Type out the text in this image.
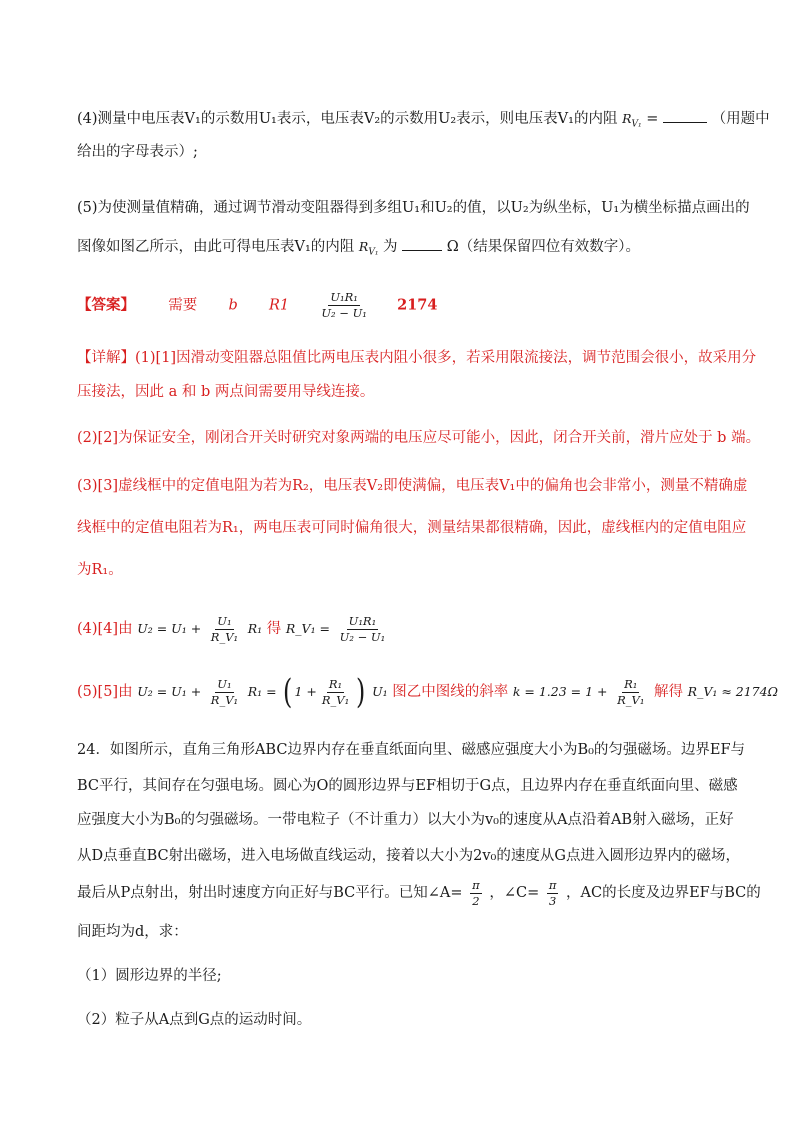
(4)测量中电压表V₁的示数用U₁表示，电压表V₂的示数用U₂表示，则电压表V₁的内阻 $R_{V_1}$ =	（用题中
给出的字母表示）;
(5)为使测量值精确，通过调节滑动变阻器得到多组U₁和U₂的值，以U₂为纵坐标，U₁为横坐标描点画出的
图像如图乙所示，由此可得电压表V₁的内阻 $R_{V_1}$ 为	Ω（结果保留四位有效数字）。
【答案】 需要 b R1	$\frac{\text{U₁R₁}}{\text{U₂ − U₁}} 2174$
【详解】(1)[1]因滑动变阻器总阻值比两电压表内阻小很多，若采用限流接法，调节范围会很小，故采用分
压接法，因此 a 和 b 两点间需要用导线连接。
(2)[2]为保证安全，刚闭合开关时研究对象两端的电压应尽可能小，因此，闭合开关前，滑片应处于 b 端。
(3)[3]虚线框中的定值电阻为若为R₂，电压表V₂即使满偏，电压表V₁中的偏角也会非常小，测量不精确虚
线框中的定值电阻若为R₁，两电压表可同时偏角很大，测量结果都很精确，因此，虚线框内的定值电阻应
为R₁。
(4)[4]由 $U_2 = U_1 + \frac{\text{U₁}}{\text{R\_V₁}} R_1$ 得 R_V₁ = $\frac{\text{U₁R₁}}{\text{U₂ − U₁}}$
(5)[5]由 $U_2 = U_1 + \frac{\text{U₁}}{\text{R\_V₁}} R_1$ = ( $1 + \frac{\text{R₁}}{\text{R\_V₁}}$ ) U₁ 图乙中图线的斜率 $k = 1.23 = 1 + \frac{\text{R₁}}{\text{R\_V₁}}$ 解得 R_V₁ ≈ 2174Ω
24．如图所示，直角三角形ABC边界内存在垂直纸面向里、磁感应强度大小为B₀的匀强磁场。边界EF与
BC平行，其间存在匀强电场。圆心为O的圆形边界与EF相切于G点，且边界内存在垂直纸面向里、磁感
应强度大小为B₀的匀强磁场。一带电粒子（不计重力）以大小为v₀的速度从A点沿着AB射入磁场，正好
从D点垂直BC射出磁场，进入电场做直线运动，接着以大小为2v₀的速度从G点进入圆形边界内的磁场，
最后从P点射出，射出时速度方向正好与BC平行。已知∠A= $\frac{\pi}{2}$ ，∠C= $\frac{\pi}{3}$ ，AC的长度及边界EF与BC的
间距均为d，求：
（1）圆形边界的半径;
（2）粒子从A点到G点的运动时间。
